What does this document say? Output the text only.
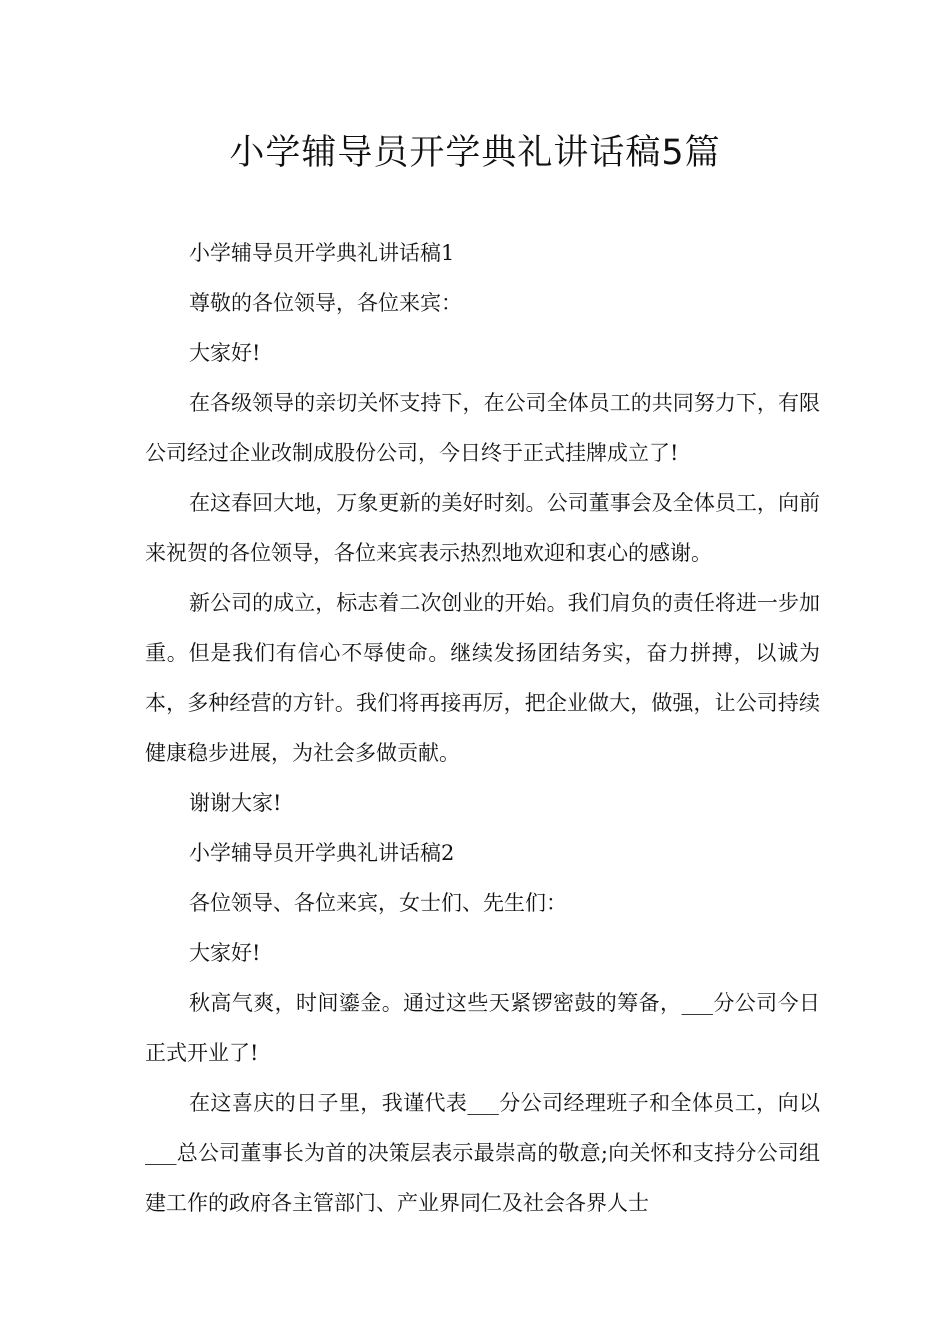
小学辅导员开学典礼讲话稿5篇

小学辅导员开学典礼讲话稿1

尊敬的各位领导，各位来宾：

大家好!

在各级领导的亲切关怀支持下，在公司全体员工的共同努力下，有限公司经过企业改制成股份公司，今日终于正式挂牌成立了!

在这春回大地，万象更新的美好时刻。公司董事会及全体员工，向前来祝贺的各位领导，各位来宾表示热烈地欢迎和衷心的感谢。

新公司的成立，标志着二次创业的开始。我们肩负的责任将进一步加重。但是我们有信心不辱使命。继续发扬团结务实，奋力拼搏，以诚为本，多种经营的方针。我们将再接再厉，把企业做大，做强，让公司持续健康稳步进展，为社会多做贡献。

谢谢大家!

小学辅导员开学典礼讲话稿2

各位领导、各位来宾，女士们、先生们：

大家好!

秋高气爽，时间鎏金。通过这些天紧锣密鼓的筹备，___分公司今日正式开业了!

在这喜庆的日子里，我谨代表___分公司经理班子和全体员工，向以___总公司董事长为首的决策层表示最崇高的敬意;向关怀和支持分公司组建工作的政府各主管部门、产业界同仁及社会各界人士
